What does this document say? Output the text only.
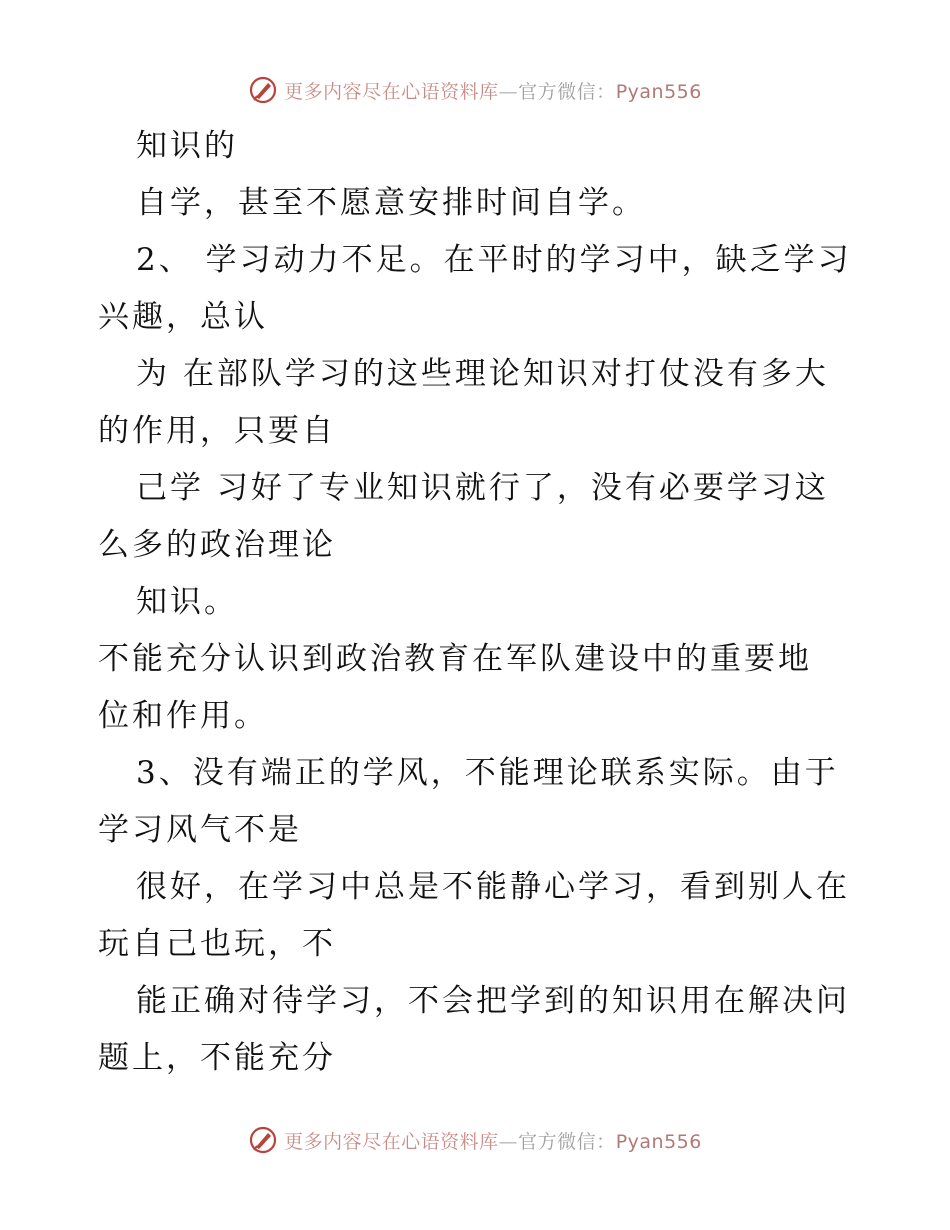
更多内容尽在心语资料库—官方微信：Pyan556
知识的
自学，甚至不愿意安排时间自学。
2、 学习动力不足。在平时的学习中，缺乏学习
兴趣，总认
为 在部队学习的这些理论知识对打仗没有多大
的作用，只要自
己学 习好了专业知识就行了，没有必要学习这
么多的政治理论
知识。
不能充分认识到政治教育在军队建设中的重要地
位和作用。
3、没有端正的学风，不能理论联系实际。由于
学习风气不是
很好，在学习中总是不能静心学习，看到别人在
玩自己也玩，不
能正确对待学习，不会把学到的知识用在解决问
题上，不能充分
更多内容尽在心语资料库—官方微信：Pyan556
